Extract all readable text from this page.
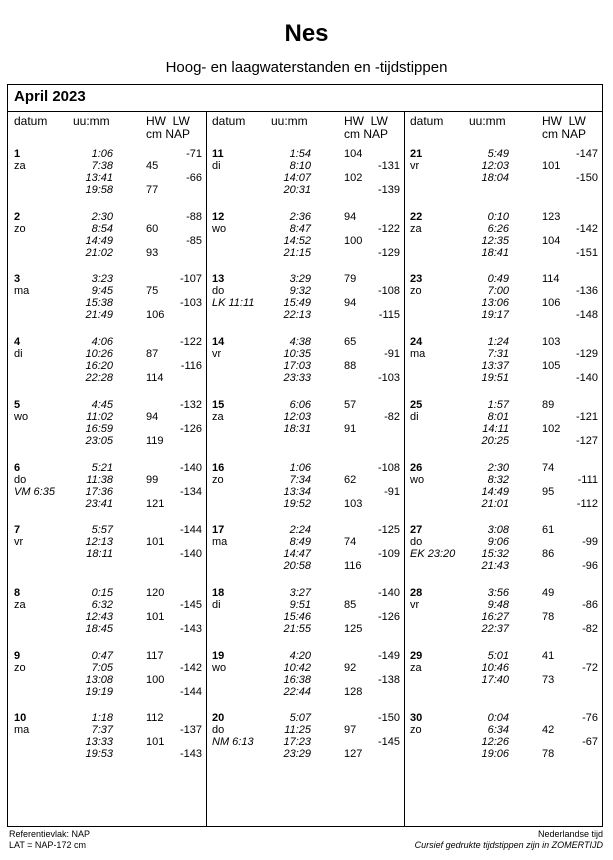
Nes
Hoog- en laagwaterstanden en -tijdstippen
April 2023
datum uu:mm	HW  LW
cm NAP
1
za
1:06	-71
7:38	45
13:41	-66
19:58	77
2
zo
2:30	-88
8:54	60
14:49	-85
21:02	93
3
ma
3:23	-107
9:45	75
15:38	-103
21:49	106
4
di
4:06	-122
10:26	87
16:20	-116
22:28	114
5
wo
4:45	-132
11:02	94
16:59	-126
23:05	119
6
do
VM 6:35
5:21	-140
11:38	99
17:36	-134
23:41	121
7
vr
5:57	-144
12:13	101
18:11	-140
8
za
0:15	120
6:32	-145
12:43	101
18:45	-143
9
zo
0:47	117
7:05	-142
13:08	100
19:19	-144
10
ma
1:18	112
7:37	-137
13:33	101
19:53	-143
datum uu:mm	HW  LW
cm NAP
11
di
1:54	104
8:10	-131
14:07	102
20:31	-139
12
wo
2:36	94
8:47	-122
14:52	100
21:15	-129
13
do
LK 11:11
3:29	79
9:32	-108
15:49	94
22:13	-115
14
vr
4:38	65
10:35	-91
17:03	88
23:33	-103
15
za
6:06	57
12:03	-82
18:31	91
16
zo
1:06	-108
7:34	62
13:34	-91
19:52	103
17
ma
2:24	-125
8:49	74
14:47	-109
20:58	116
18
di
3:27	-140
9:51	85
15:46	-126
21:55	125
19
wo
4:20	-149
10:42	92
16:38	-138
22:44	128
20
do
NM 6:13
5:07	-150
11:25	97
17:23	-145
23:29	127
datum uu:mm	HW  LW
cm NAP
21
vr
5:49	-147
12:03	101
18:04	-150
22
za
0:10	123
6:26	-142
12:35	104
18:41	-151
23
zo
0:49	114
7:00	-136
13:06	106
19:17	-148
24
ma
1:24	103
7:31	-129
13:37	105
19:51	-140
25
di
1:57	89
8:01	-121
14:11	102
20:25	-127
26
wo
2:30	74
8:32	-111
14:49	95
21:01	-112
27
do
EK 23:20
3:08	61
9:06	-99
15:32	86
21:43	-96
28
vr
3:56	49
9:48	-86
16:27	78
22:37	-82
29
za
5:01	41
10:46	-72
17:40	73
30
zo
0:04	-76
6:34	42
12:26	-67
19:06	78
Referentievlak: NAP
LAT = NAP-172 cm
Nederlandse tijd
Cursief gedrukte tijdstippen zijn in ZOMERTIJD
